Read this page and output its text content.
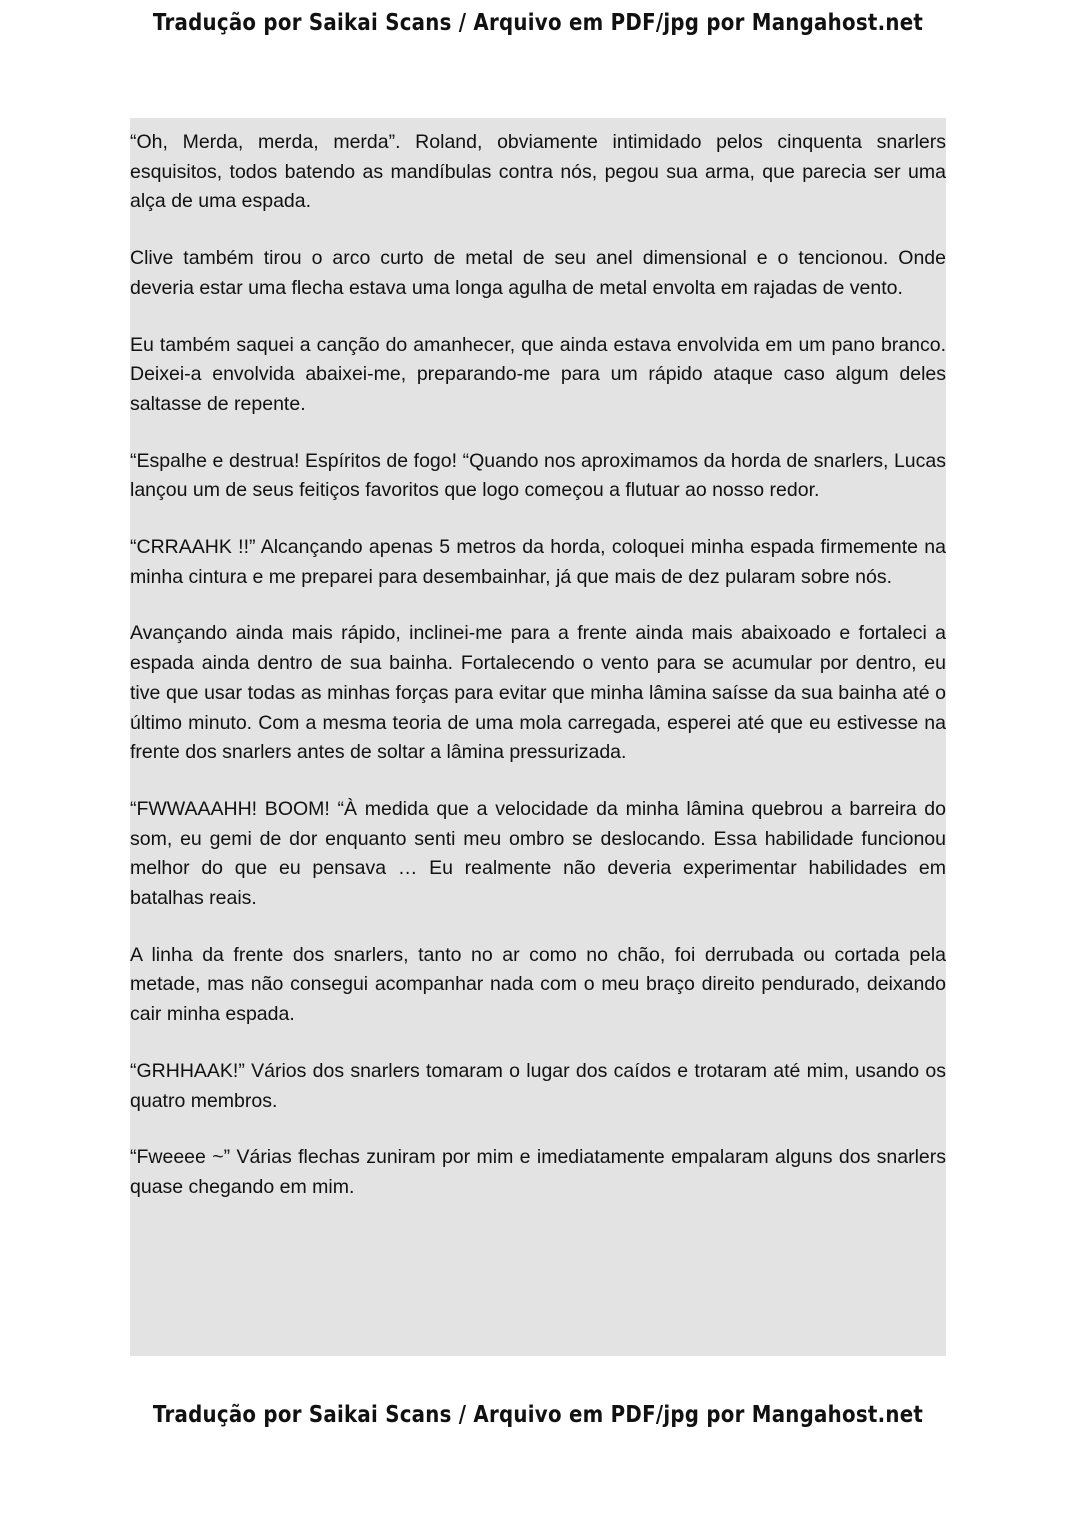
Tradução por Saikai Scans / Arquivo em PDF/jpg por Mangahost.net

“Oh, Merda, merda, merda”. Roland, obviamente intimidado pelos cinquenta snarlers esquisitos, todos batendo as mandíbulas contra nós, pegou sua arma, que parecia ser uma alça de uma espada.

Clive também tirou o arco curto de metal de seu anel dimensional e o tencionou. Onde deveria estar uma flecha estava uma longa agulha de metal envolta em rajadas de vento.

Eu também saquei a canção do amanhecer, que ainda estava envolvida em um pano branco. Deixei-a envolvida abaixei-me, preparando-me para um rápido ataque caso algum deles saltasse de repente.

“Espalhe e destrua! Espíritos de fogo! “Quando nos aproximamos da horda de snarlers, Lucas lançou um de seus feitiços favoritos que logo começou a flutuar ao nosso redor.

“CRRAAHK !!” Alcançando apenas 5 metros da horda, coloquei minha espada firmemente na minha cintura e me preparei para desembainhar, já que mais de dez pularam sobre nós.

Avançando ainda mais rápido, inclinei-me para a frente ainda mais abaixoado e fortaleci a espada ainda dentro de sua bainha. Fortalecendo o vento para se acumular por dentro, eu tive que usar todas as minhas forças para evitar que minha lâmina saísse da sua bainha até o último minuto. Com a mesma teoria de uma mola carregada, esperei até que eu estivesse na frente dos snarlers antes de soltar a lâmina pressurizada.

“FWWAAAHH! BOOM! “À medida que a velocidade da minha lâmina quebrou a barreira do som, eu gemi de dor enquanto senti meu ombro se deslocando. Essa habilidade funcionou melhor do que eu pensava … Eu realmente não deveria experimentar habilidades em batalhas reais.

A linha da frente dos snarlers, tanto no ar como no chão, foi derrubada ou cortada pela metade, mas não consegui acompanhar nada com o meu braço direito pendurado, deixando cair minha espada.

“GRHHAAK!” Vários dos snarlers tomaram o lugar dos caídos e trotaram até mim, usando os quatro membros.

“Fweeee ~” Várias flechas zuniram por mim e imediatamente empalaram alguns dos snarlers quase chegando em mim.

Tradução por Saikai Scans / Arquivo em PDF/jpg por Mangahost.net
